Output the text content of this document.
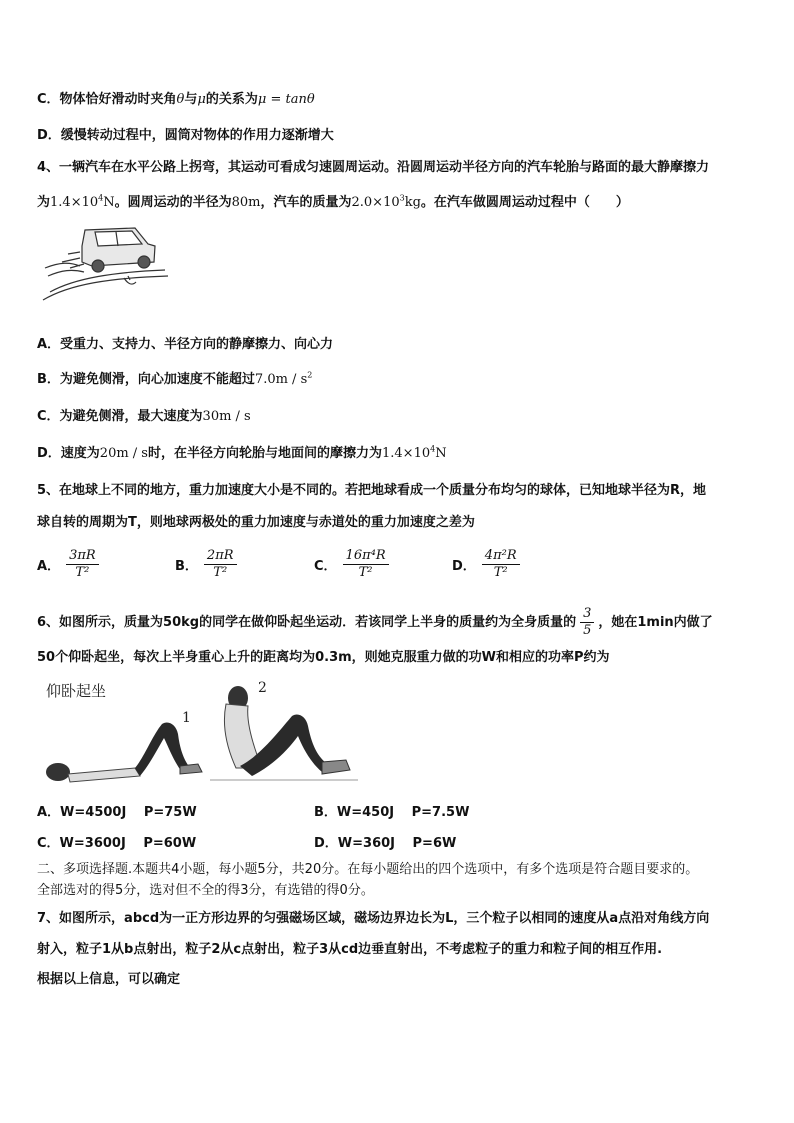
C．物体恰好滑动时夹角θ与μ的关系为μ = tanθ
D．缓慢转动过程中，圆筒对物体的作用力逐渐增大
4、一辆汽车在水平公路上拐弯，其运动可看成匀速圆周运动。沿圆周运动半径方向的汽车轮胎与路面的最大静摩擦力
为$1.4\times 10^4N$。圆周运动的半径为80m，汽车的质量为$2.0\times 10^3kg$。在汽车做圆周运动过程中（　　）
A．受重力、支持力、半径方向的静摩擦力、向心力
B．为避免侧滑，向心加速度不能超过$7.0m / s^2$
C．为避免侧滑，最大速度为30m / s
D．速度为20m / s时，在半径方向轮胎与地面间的摩擦力为$1.4\times 10^4N$
5、在地球上不同的地方，重力加速度大小是不同的。若把地球看成一个质量分布均匀的球体，已知地球半径为R，地
球自转的周期为T，则地球两极处的重力加速度与赤道处的重力加速度之差为
A． $\frac{3\pi R}{\text{T²}}$	B． $\frac{2\pi R}{\text{T²}}$	C． $\frac{\text{16π⁴R}}{\text{T²}}$	D． $\frac{\text{4π²R}}{\text{T²}}$
6、如图所示，质量为50kg的同学在做仰卧起坐运动．若该同学上半身的质量约为全身质量的 $\frac{3}{5}$ ，她在1min内做了
50个仰卧起坐，每次上半身重心上升的距离均为0.3m，则她克服重力做的功W和相应的功率P约为
仰卧起坐
1
2
A．W=4500J　 P=75W	B．W=450J　 P=7.5W
C．W=3600J　 P=60W	D．W=360J　 P=6W
二、多项选择题.本题共4小题，每小题5分，共20分。在每小题给出的四个选项中，有多个选项是符合题目要求的。
全部选对的得5分，选对但不全的得3分，有选错的得0分。
7、如图所示，abcd为一正方形边界的匀强磁场区域，磁场边界边长为L，三个粒子以相同的速度从a点沿对角线方向
射入，粒子1从b点射出，粒子2从c点射出，粒子3从cd边垂直射出，不考虑粒子的重力和粒子间的相互作用.
根据以上信息，可以确定
